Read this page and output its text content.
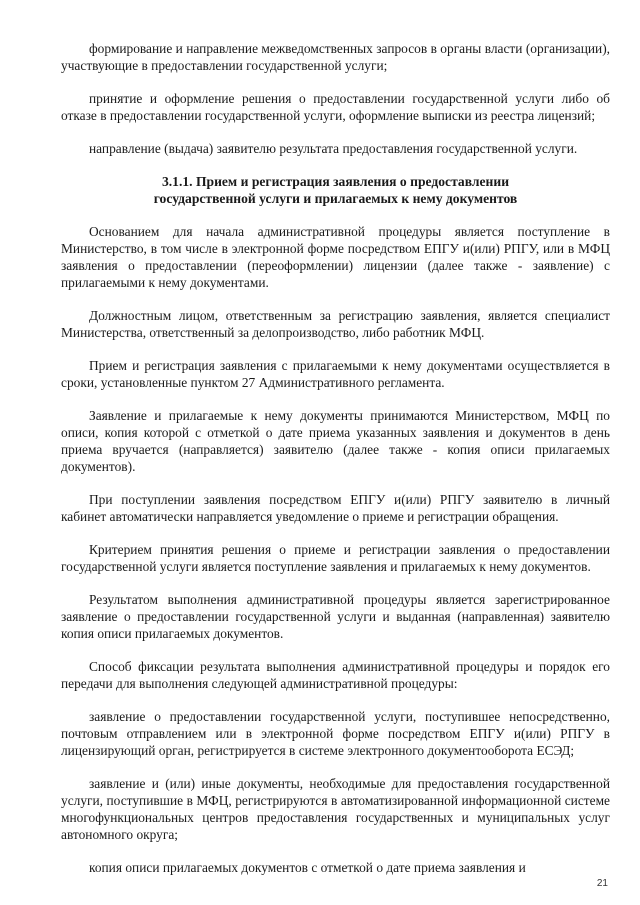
формирование и направление межведомственных запросов в органы власти (организации), участвующие в предоставлении государственной услуги;

принятие и оформление решения о предоставлении государственной услуги либо об отказе в предоставлении государственной услуги, оформление выписки из реестра лицензий;

направление (выдача) заявителю результата предоставления государственной услуги.

3.1.1. Прием и регистрация заявления о предоставлении
государственной услуги и прилагаемых к нему документов

Основанием для начала административной процедуры является поступление в Министерство, в том числе в электронной форме посредством ЕПГУ и(или) РПГУ, или в МФЦ заявления о предоставлении (переоформлении) лицензии (далее также - заявление) с прилагаемыми к нему документами.

Должностным лицом, ответственным за регистрацию заявления, является специалист Министерства, ответственный за делопроизводство, либо работник МФЦ.

Прием и регистрация заявления с прилагаемыми к нему документами осуществляется в сроки, установленные пунктом 27 Административного регламента.

Заявление и прилагаемые к нему документы принимаются Министерством, МФЦ по описи, копия которой с отметкой о дате приема указанных заявления и документов в день приема вручается (направляется) заявителю (далее также - копия описи прилагаемых документов).

При поступлении заявления посредством ЕПГУ и(или) РПГУ заявителю в личный кабинет автоматически направляется уведомление о приеме и регистрации обращения.

Критерием принятия решения о приеме и регистрации заявления о предоставлении государственной услуги является поступление заявления и прилагаемых к нему документов.

Результатом выполнения административной процедуры является зарегистрированное заявление о предоставлении государственной услуги и выданная (направленная) заявителю копия описи прилагаемых документов.

Способ фиксации результата выполнения административной процедуры и порядок его передачи для выполнения следующей административной процедуры:

заявление о предоставлении государственной услуги, поступившее непосредственно, почтовым отправлением или в электронной форме посредством ЕПГУ и(или) РПГУ в лицензирующий орган, регистрируется в системе электронного документооборота ЕСЭД;

заявление и (или) иные документы, необходимые для предоставления государственной услуги, поступившие в МФЦ, регистрируются в автоматизированной информационной системе многофункциональных центров предоставления государственных и муниципальных услуг автономного округа;

копия описи прилагаемых документов с отметкой о дате приема заявления и

21
